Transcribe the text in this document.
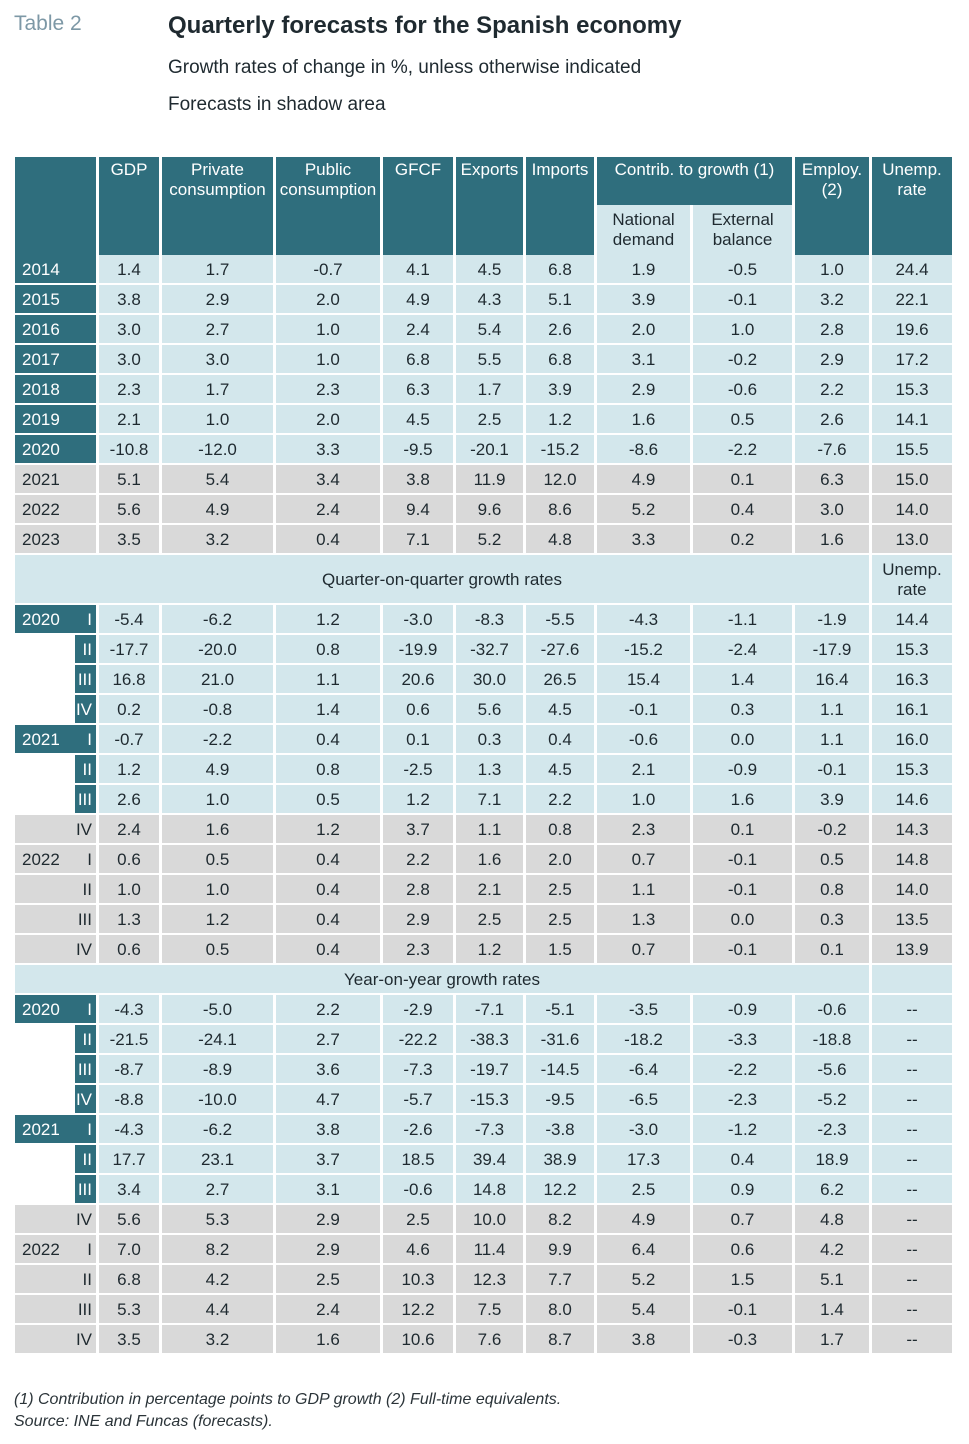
Table 2	Quarterly forecasts for the Spanish economy
Growth rates of change in %, unless otherwise indicated
Forecasts in shadow area
	GDP	Private consumption	Public consumption	GFCF	Exports	Imports	Contrib. to growth (1)		Employ. (2)	Unemp. rate
							National demand	External balance		
2014	1.4	1.7	-0.7	4.1	4.5	6.8	1.9	-0.5	1.0	24.4
2015	3.8	2.9	2.0	4.9	4.3	5.1	3.9	-0.1	3.2	22.1
2016	3.0	2.7	1.0	2.4	5.4	2.6	2.0	1.0	2.8	19.6
2017	3.0	3.0	1.0	6.8	5.5	6.8	3.1	-0.2	2.9	17.2
2018	2.3	1.7	2.3	6.3	1.7	3.9	2.9	-0.6	2.2	15.3
2019	2.1	1.0	2.0	4.5	2.5	1.2	1.6	0.5	2.6	14.1
2020	-10.8	-12.0	3.3	-9.5	-20.1	-15.2	-8.6	-2.2	-7.6	15.5
2021	5.1	5.4	3.4	3.8	11.9	12.0	4.9	0.1	6.3	15.0
2022	5.6	4.9	2.4	9.4	9.6	8.6	5.2	0.4	3.0	14.0
2023	3.5	3.2	0.4	7.1	5.2	4.8	3.3	0.2	1.6	13.0
Quarter-on-quarter growth rates										Unemp. rate
2020 I	-5.4	-6.2	1.2	-3.0	-8.3	-5.5	-4.3	-1.1	-1.9	14.4

II	-17.7	-20.0	0.8	-19.9	-32.7	-27.6	-15.2	-2.4	-17.9	15.3

III	16.8	21.0	1.1	20.6	30.0	26.5	15.4	1.4	16.4	16.3

IV	0.2	-0.8	1.4	0.6	5.6	4.5	-0.1	0.3	1.1	16.1
2021 I	-0.7	-2.2	0.4	0.1	0.3	0.4	-0.6	0.0	1.1	16.0

II	1.2	4.9	0.8	-2.5	1.3	4.5	2.1	-0.9	-0.1	15.3

III	2.6	1.0	0.5	1.2	7.1	2.2	1.0	1.6	3.9	14.6

IV	2.4	1.6	1.2	3.7	1.1	0.8	2.3	0.1	-0.2	14.3
2022 I	0.6	0.5	0.4	2.2	1.6	2.0	0.7	-0.1	0.5	14.8

II	1.0	1.0	0.4	2.8	2.1	2.5	1.1	-0.1	0.8	14.0

III	1.3	1.2	0.4	2.9	2.5	2.5	1.3	0.0	0.3	13.5

IV	0.6	0.5	0.4	2.3	1.2	1.5	0.7	-0.1	0.1	13.9
Year-on-year growth rates										
2020 I	-4.3	-5.0	2.2	-2.9	-7.1	-5.1	-3.5	-0.9	-0.6	--

II	-21.5	-24.1	2.7	-22.2	-38.3	-31.6	-18.2	-3.3	-18.8	--

III	-8.7	-8.9	3.6	-7.3	-19.7	-14.5	-6.4	-2.2	-5.6	--

IV	-8.8	-10.0	4.7	-5.7	-15.3	-9.5	-6.5	-2.3	-5.2	--
2021 I	-4.3	-6.2	3.8	-2.6	-7.3	-3.8	-3.0	-1.2	-2.3	--

II	17.7	23.1	3.7	18.5	39.4	38.9	17.3	0.4	18.9	--

III	3.4	2.7	3.1	-0.6	14.8	12.2	2.5	0.9	6.2	--

IV	5.6	5.3	2.9	2.5	10.0	8.2	4.9	0.7	4.8	--
2022 I	7.0	8.2	2.9	4.6	11.4	9.9	6.4	0.6	4.2	--

II	6.8	4.2	2.5	10.3	12.3	7.7	5.2	1.5	5.1	--

III	5.3	4.4	2.4	12.2	7.5	8.0	5.4	-0.1	1.4	--

IV	3.5	3.2	1.6	10.6	7.6	8.7	3.8	-0.3	1.7	--
(1) Contribution in percentage points to GDP growth (2) Full-time equivalents.
Source: INE and Funcas (forecasts).
